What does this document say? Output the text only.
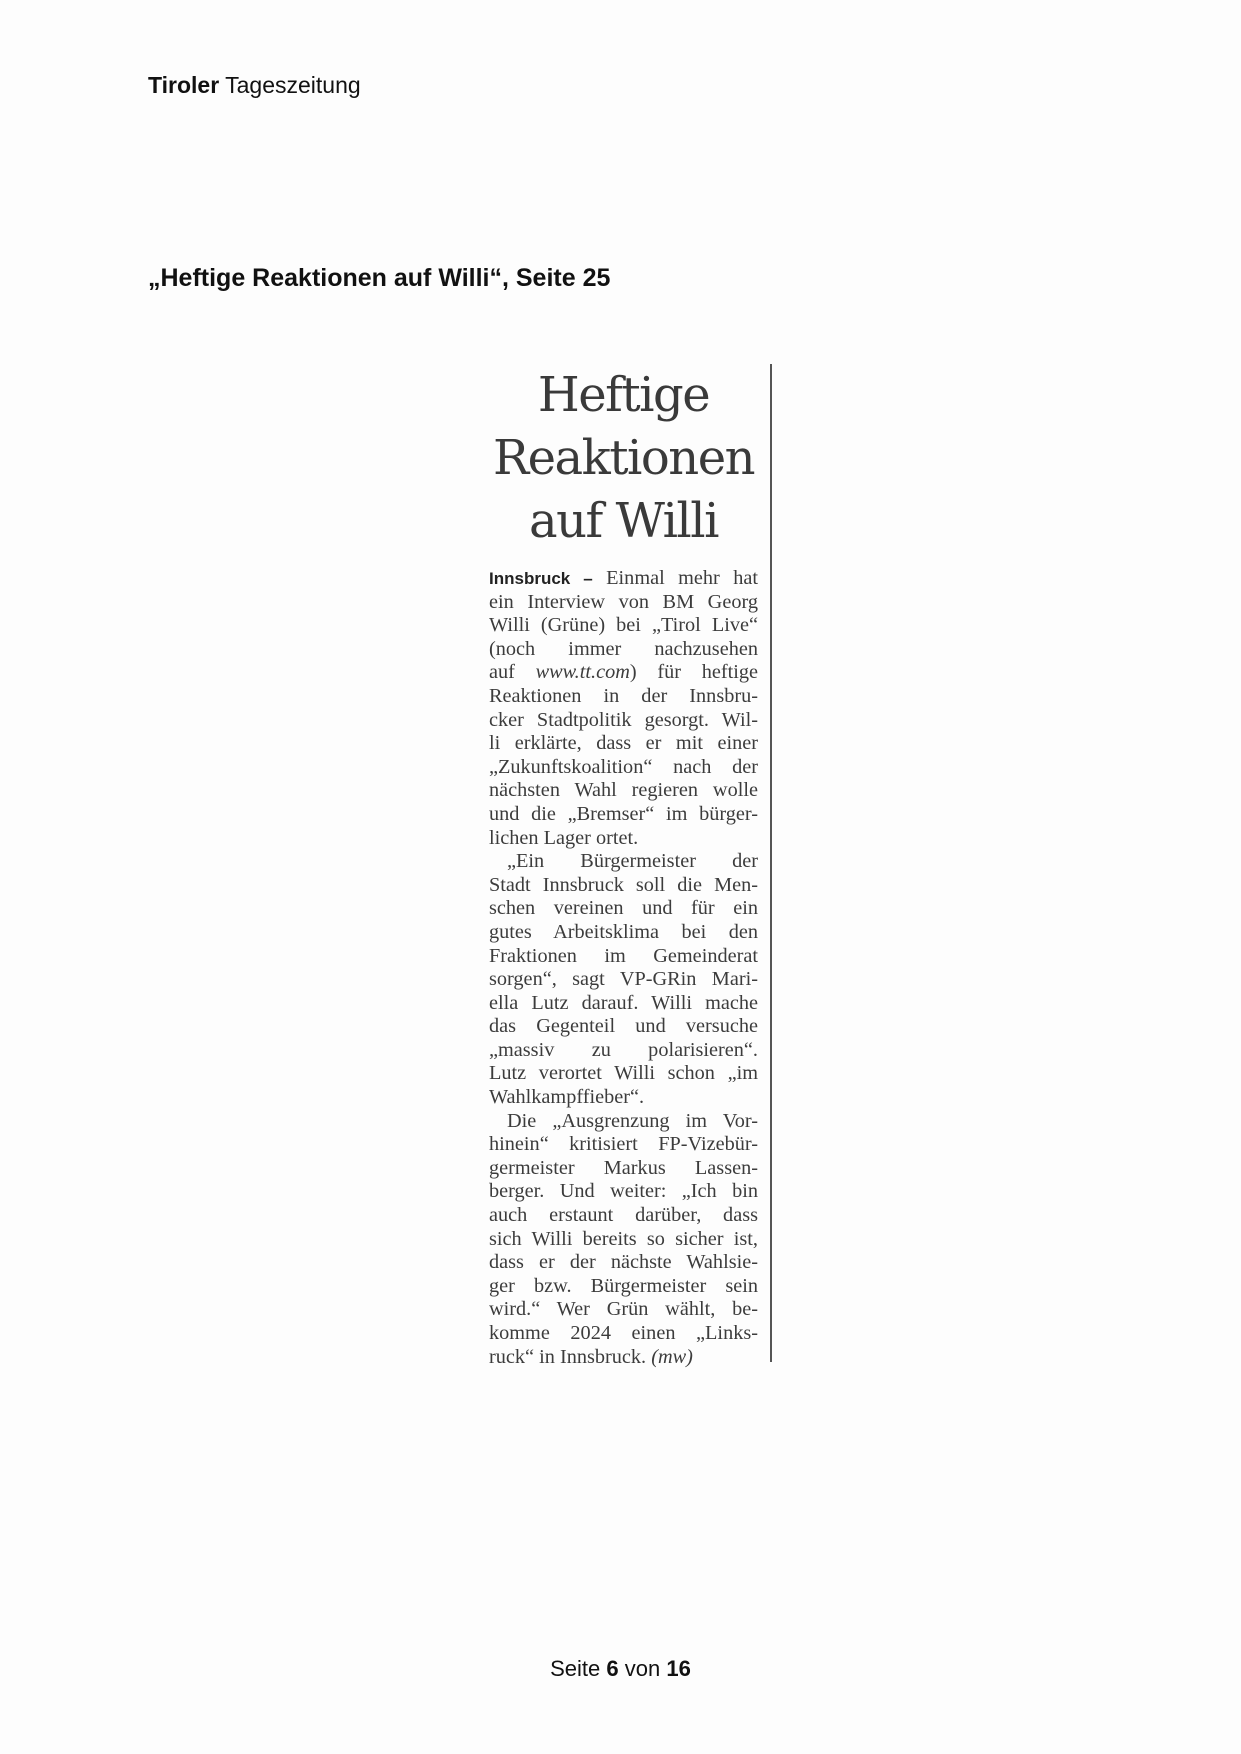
Tiroler Tageszeitung
„Heftige Reaktionen auf Willi“, Seite 25
Heftige
Reaktionen
auf Willi
Innsbruck – Einmal mehr hat
ein Interview von BM Georg
Willi (Grüne) bei „Tirol Live“
(noch immer nachzusehen
auf www.tt.com) für heftige
Reaktionen in der Innsbru-
cker Stadtpolitik gesorgt. Wil-
li erklärte, dass er mit einer
„Zukunftskoalition“ nach der
nächsten Wahl regieren wolle
und die „Bremser“ im bürger-
lichen Lager ortet.
„Ein Bürgermeister der
Stadt Innsbruck soll die Men-
schen vereinen und für ein
gutes Arbeitsklima bei den
Fraktionen im Gemeinderat
sorgen“, sagt VP-GRin Mari-
ella Lutz darauf. Willi mache
das Gegenteil und versuche
„massiv zu polarisieren“.
Lutz verortet Willi schon „im
Wahlkampffieber“.
Die „Ausgrenzung im Vor-
hinein“ kritisiert FP-Vizebür-
germeister Markus Lassen-
berger. Und weiter: „Ich bin
auch erstaunt darüber, dass
sich Willi bereits so sicher ist,
dass er der nächste Wahlsie-
ger bzw. Bürgermeister sein
wird.“ Wer Grün wählt, be-
komme 2024 einen „Links-
ruck“ in Innsbruck. (mw)
Seite 6 von 16
